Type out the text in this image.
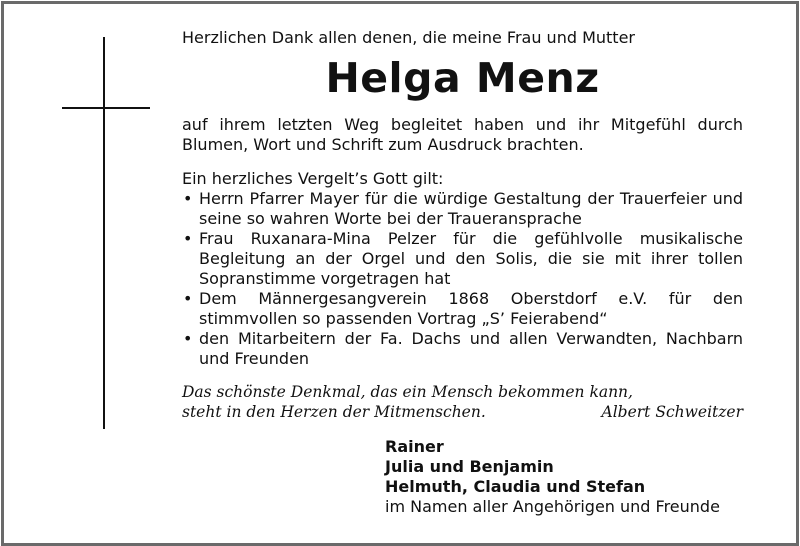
Herzlichen Dank allen denen, die meine Frau und Mutter

Helga Menz

auf ihrem letzten Weg begleitet haben und ihr Mitgefühl durch Blumen, Wort und Schrift zum Ausdruck brachten.

Ein herzliches Vergelt’s Gott gilt:

• Herrn Pfarrer Mayer für die würdige Gestaltung der Trauerfeier und seine so wahren Worte bei der Traueransprache
• Frau Ruxanara-Mina Pelzer für die gefühlvolle musikalische Begleitung an der Orgel und den Solis, die sie mit ihrer tollen Sopranstimme vorgetragen hat
• Dem Männergesangverein 1868 Oberstdorf e.V. für den stimmvollen so passenden Vortrag „S’ Feierabend“
• den Mitarbeitern der Fa. Dachs und allen Verwandten, Nachbarn und Freunden
Das schönste Denkmal, das ein Mensch bekommen kann,
steht in den Herzen der Mitmenschen.	Albert Schweitzer
Rainer
Julia und Benjamin
Helmuth, Claudia und Stefan
im Namen aller Angehörigen und Freunde
